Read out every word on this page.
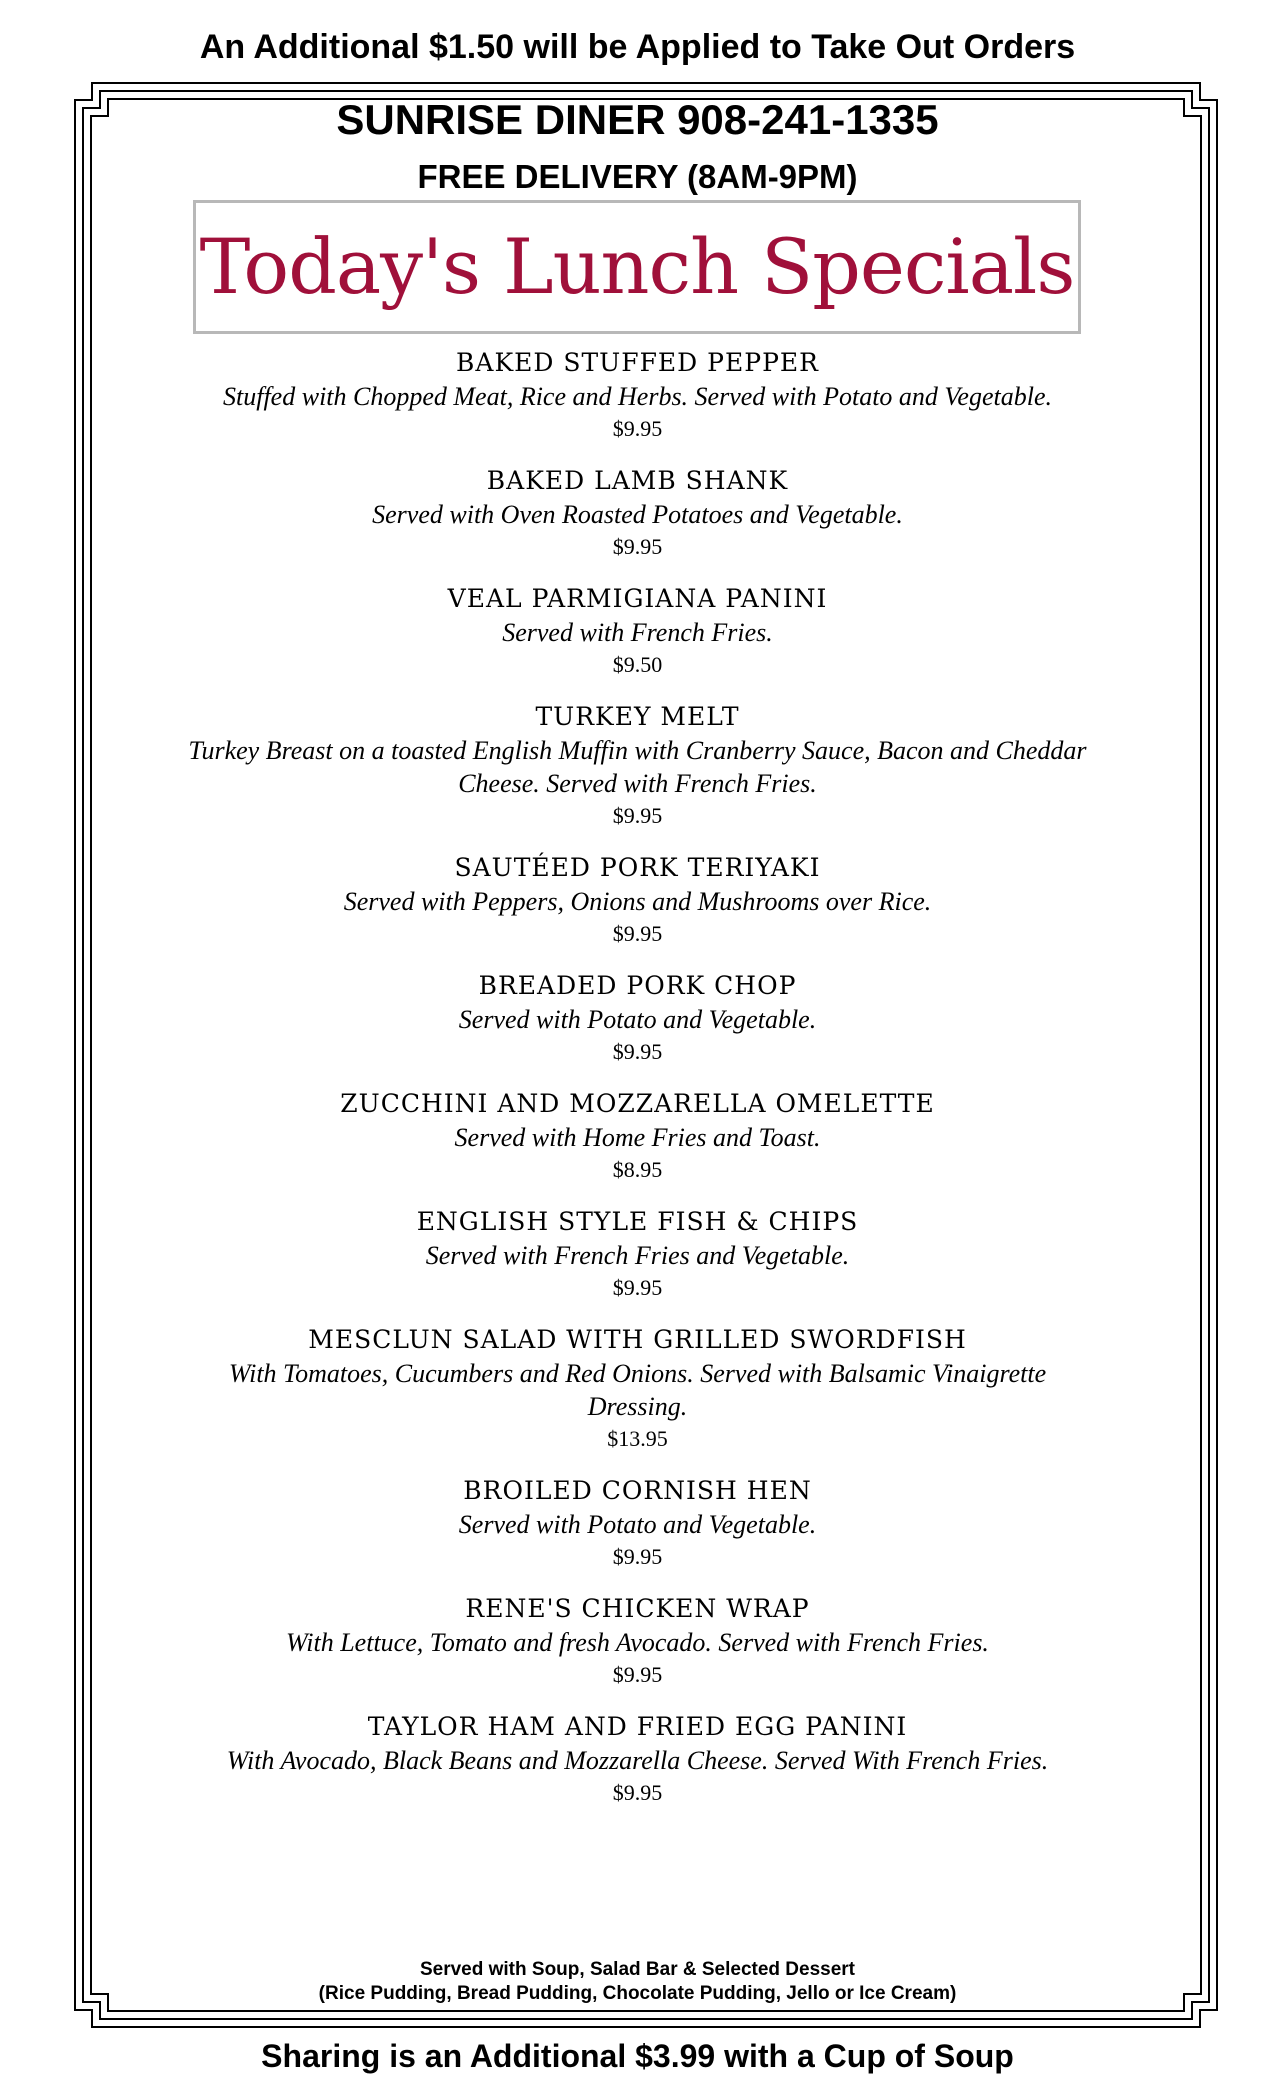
An Additional $1.50 will be Applied to Take Out Orders
SUNRISE DINER 908-241-1335
FREE DELIVERY (8AM-9PM)
Today's Lunch Specials
BAKED STUFFED PEPPER
Stuffed with Chopped Meat, Rice and Herbs. Served with Potato and Vegetable.
$9.95
BAKED LAMB SHANK
Served with Oven Roasted Potatoes and Vegetable.
$9.95
VEAL PARMIGIANA PANINI
Served with French Fries.
$9.50
TURKEY MELT
Turkey Breast on a toasted English Muffin with Cranberry Sauce, Bacon and Cheddar Cheese. Served with French Fries.
$9.95
SAUTÉED PORK TERIYAKI
Served with Peppers, Onions and Mushrooms over Rice.
$9.95
BREADED PORK CHOP
Served with Potato and Vegetable.
$9.95
ZUCCHINI AND MOZZARELLA OMELETTE
Served with Home Fries and Toast.
$8.95
ENGLISH STYLE FISH & CHIPS
Served with French Fries and Vegetable.
$9.95
MESCLUN SALAD WITH GRILLED SWORDFISH
With Tomatoes, Cucumbers and Red Onions. Served with Balsamic Vinaigrette Dressing.
$13.95
BROILED CORNISH HEN
Served with Potato and Vegetable.
$9.95
RENE'S CHICKEN WRAP
With Lettuce, Tomato and fresh Avocado. Served with French Fries.
$9.95
TAYLOR HAM AND FRIED EGG PANINI
With Avocado, Black Beans and Mozzarella Cheese. Served With French Fries.
$9.95
Served with Soup, Salad Bar & Selected Dessert
(Rice Pudding, Bread Pudding, Chocolate Pudding, Jello or Ice Cream)
Sharing is an Additional $3.99 with a Cup of Soup
